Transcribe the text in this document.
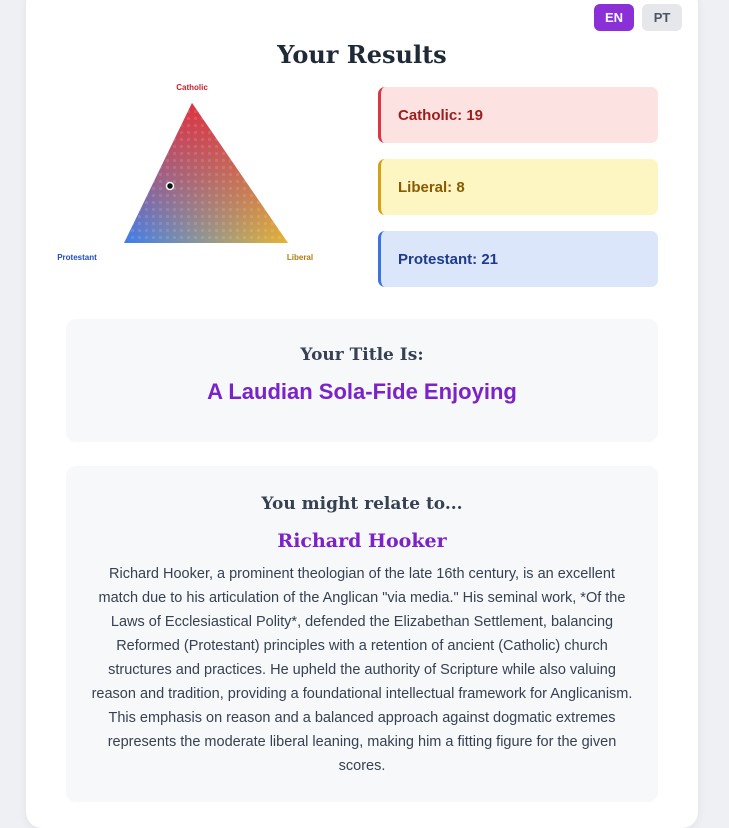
EN	PT
Your Results
Catholic
Protestant	Liberal
Catholic: 19
Liberal: 8
Protestant: 21
Your Title Is:
A Laudian Sola-Fide Enjoying
You might relate to...
Richard Hooker
Richard Hooker, a prominent theologian of the late 16th century, is an excellent match due to his articulation of the Anglican "via media." His seminal work, *Of the Laws of Ecclesiastical Polity*, defended the Elizabethan Settlement, balancing Reformed (Protestant) principles with a retention of ancient (Catholic) church structures and practices. He upheld the authority of Scripture while also valuing reason and tradition, providing a foundational intellectual framework for Anglicanism. This emphasis on reason and a balanced approach against dogmatic extremes represents the moderate liberal leaning, making him a fitting figure for the given scores.
